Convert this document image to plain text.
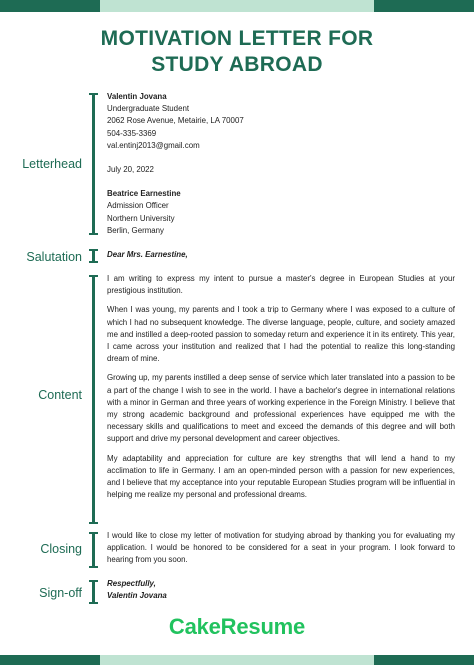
MOTIVATION LETTER FOR
STUDY ABROAD
Letterhead
Valentin Jovana
Undergraduate Student
2062 Rose Avenue, Metairie, LA 70007
504-335-3369
val.entinj2013@gmail.com
July 20, 2022
Beatrice Earnestine
Admission Officer
Northern University
Berlin, Germany
Salutation	Dear Mrs. Earnestine,
Content
I am writing to express my intent to pursue a master's degree in European Studies at your prestigious institution.
When I was young, my parents and I took a trip to Germany where I was exposed to a culture of which I had no subsequent knowledge. The diverse language, people, culture, and society amazed me and instilled a deep-rooted passion to someday return and experience it in its entirety. This year, I came across your institution and realized that I had the potential to realize this long-standing dream of mine.
Growing up, my parents instilled a deep sense of service which later translated into a passion to be a part of the change I wish to see in the world. I have a bachelor's degree in international relations with a minor in German and three years of working experience in the Foreign Ministry. I believe that my strong academic background and professional experiences have equipped me with the necessary skills and qualifications to meet and exceed the demands of this degree and will both support and drive my personal development and career objectives.
My adaptability and appreciation for culture are key strengths that will lend a hand to my acclimation to life in Germany. I am an open-minded person with a passion for new experiences, and I believe that my acceptance into your reputable European Studies program will be influential in helping me realize my personal and professional dreams.
Closing
I would like to close my letter of motivation for studying abroad by thanking you for evaluating my application. I would be honored to be considered for a seat in your program. I look forward to hearing from you soon.
Sign-off
Respectfully,
Valentin Jovana
CakeResume
